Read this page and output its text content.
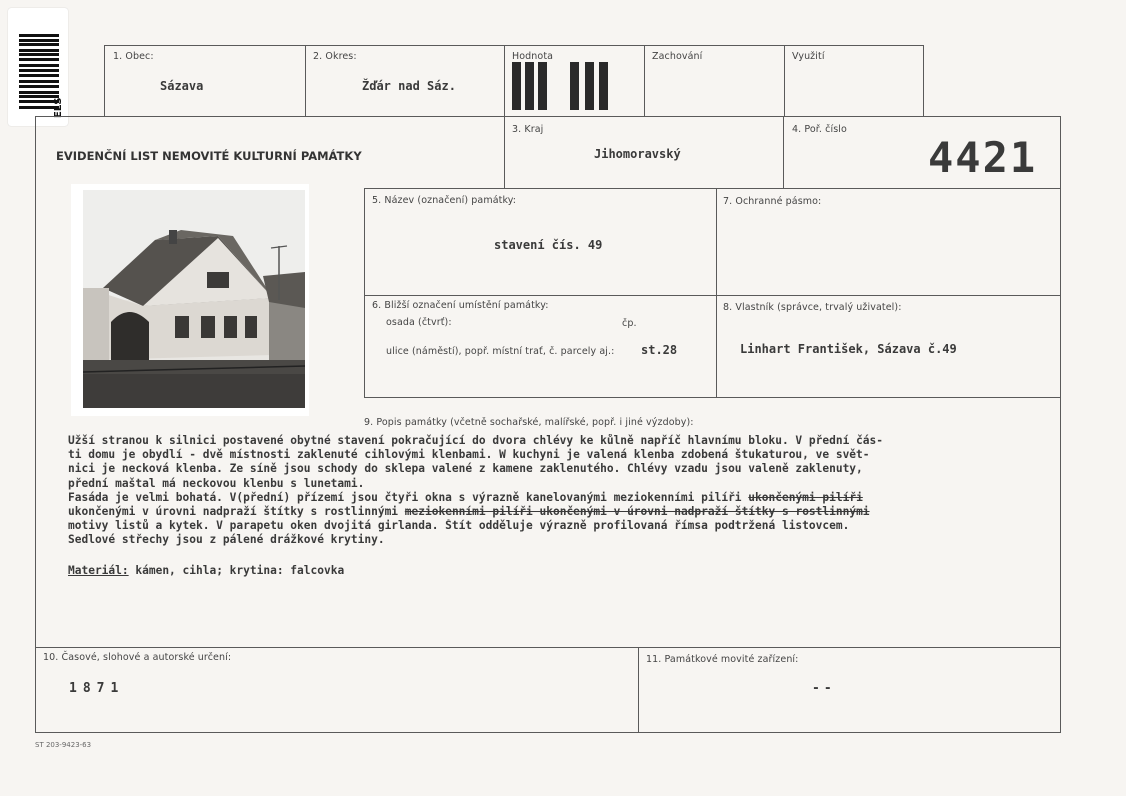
ELS
1. Obec:
Sázava
2. Okres:
Žďár nad Sáz.
Hodnota	Zachování	Využití
EVIDENČNÍ LIST NEMOVITÉ KULTURNÍ PAMÁTKY
3. Kraj
Jihomoravský
4. Poř. číslo
4421
5. Název (označení) památky:
stavení čís. 49
7. Ochranné pásmo:
6. Bližší označení umístění památky:
osada (čtvrť):	čp.
ulice (náměstí), popř. místní trať, č. parcely aj.: st.28
8. Vlastník (správce, trvalý uživatel):
Linhart František, Sázava č.49
9. Popis památky (včetně sochařské, malířské, popř. i jiné výzdoby):
Užší stranou k silnici postavené obytné stavení pokračující do dvora chlévy ke kůlně napříč hlavnímu bloku. V přední čás-
ti domu je obydlí - dvě místnosti zaklenuté cihlovými klenbami. W kuchyni je valená klenba zdobená štukaturou, ve svět-
nici je necková klenba. Ze síně jsou schody do sklepa valené z kamene zaklenutého. Chlévy vzadu jsou valeně zaklenuty,
přední maštal má neckovou klenbu s lunetami.
Fasáda je velmi bohatá. V(přední) přízemí jsou čtyři okna s výrazně kanelovanými meziokenními pilíři ukončenými pilíři
ukončenými v úrovni nadpraží štítky s rostlinnými meziokenními pilíři ukončenými v úrovni nadpraží štítky s rostlinnými
motivy listů a kytek. V parapetu oken dvojitá girlanda. Štít odděluje výrazně profilovaná římsa podtržená listovcem.
Sedlové střechy jsou z pálené drážkové krytiny.
Materiál: kámen, cihla; krytina: falcovka
10. Časové, slohové a autorské určení:
1871
11. Památkové movité zařízení:
--
ST 203-9423-63
